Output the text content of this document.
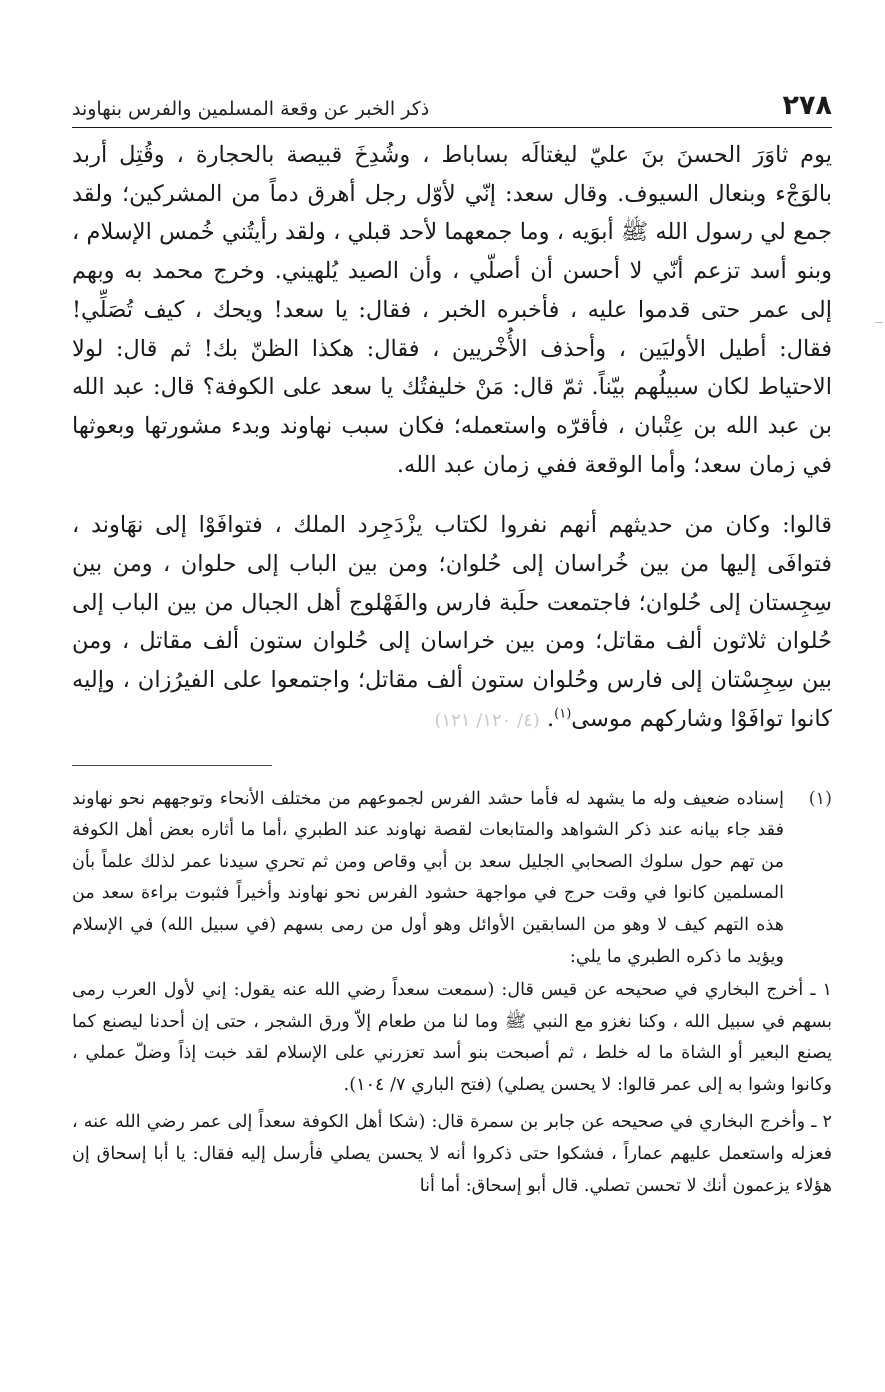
٢٧٨
ذكر الخبر عن وقعة المسلمين والفرس بنهاوند

يوم ثاوَرَ الحسنَ بنَ عليّ ليغتالَه بساباط ، وشُدِخَ قبيصة بالحجارة ، وقُتِل أربد بالوَجْء وبنعال السيوف. وقال سعد: إنّي لأوّل رجل أهرق دماً من المشركين؛ ولقد جمع لي رسول الله ﷺ أبوَيه ، وما جمعهما لأحد قبلي ، ولقد رأيتُني خُمس الإسلام ، وبنو أسد تزعم أنّي لا أحسن أن أصلّي ، وأن الصيد يُلهيني. وخرج محمد به وبهم إلى عمر حتى قدموا عليه ، فأخبره الخبر ، فقال: يا سعد! ويحك ، كيف تُصَلِّي! فقال: أطيل الأوليَين ، وأحذف الأُخْريين ، فقال: هكذا الظنّ بك! ثم قال: لولا الاحتياط لكان سبيلُهم بيّناً. ثمّ قال: مَنْ خليفتُك يا سعد على الكوفة؟ قال: عبد الله بن عبد الله بن عِتْبان ، فأقرّه واستعمله؛ فكان سبب نهاوند وبدء مشورتها وبعوثها في زمان سعد؛ وأما الوقعة ففي زمان عبد الله.

قالوا: وكان من حديثهم أنهم نفروا لكتاب يزْدَجِرد الملك ، فتوافَوْا إلى نهَاوند ، فتوافَى إليها من بين خُراسان إلى حُلوان؛ ومن بين الباب إلى حلوان ، ومن بين سِجِستان إلى حُلوان؛ فاجتمعت حلَبة فارس والفَهْلوج أهل الجبال من بين الباب إلى حُلوان ثلاثون ألف مقاتل؛ ومن بين خراسان إلى حُلوان ستون ألف مقاتل ، ومن بين سِجِسْتان إلى فارس وحُلوان ستون ألف مقاتل؛ واجتمعوا على الفيرُزان ، وإليه كانوا توافَوْا وشاركهم موسى$^{(١)}$. (٤/ ١٢٠/ ١٢١)

(١)
إسناده ضعيف وله ما يشهد له فأما حشد الفرس لجموعهم من مختلف الأنحاء وتوجههم نحو نهاوند فقد جاء بيانه عند ذكر الشواهد والمتابعات لقصة نهاوند عند الطبري ،أما ما أثاره بعض أهل الكوفة من تهم حول سلوك الصحابي الجليل سعد بن أبي وقاص ومن ثم تحري سيدنا عمر لذلك علماً بأن المسلمين كانوا في وقت حرج في مواجهة حشود الفرس نحو نهاوند وأخيراً فثبوت براءة سعد من هذه التهم كيف لا وهو من السابقين الأوائل وهو أول من رمى بسهم (في سبيل الله) في الإسلام ويؤيد ما ذكره الطبري ما يلي:

١ ـ أخرج البخاري في صحيحه عن قيس قال: (سمعت سعداً رضي الله عنه يقول: إني لأول العرب رمى بسهم في سبيل الله ، وكنا نغزو مع النبي ﷺ وما لنا من طعام إلاّ ورق الشجر ، حتى إن أحدنا ليصنع كما يصنع البعير أو الشاة ما له خلط ، ثم أصبحت بنو أسد تعزرني على الإسلام لقد خبت إذاً وضلّ عملي ، وكانوا وشوا به إلى عمر قالوا: لا يحسن يصلي) (فتح الباري ٧/ ١٠٤).

٢ ـ وأخرج البخاري في صحيحه عن جابر بن سمرة قال: (شكا أهل الكوفة سعداً إلى عمر رضي الله عنه ، فعزله واستعمل عليهم عماراً ، فشكوا حتى ذكروا أنه لا يحسن يصلي فأرسل إليه فقال: يا أبا إسحاق إن هؤلاء يزعمون أنك لا تحسن تصلي. قال أبو إسحاق: أما أنا
